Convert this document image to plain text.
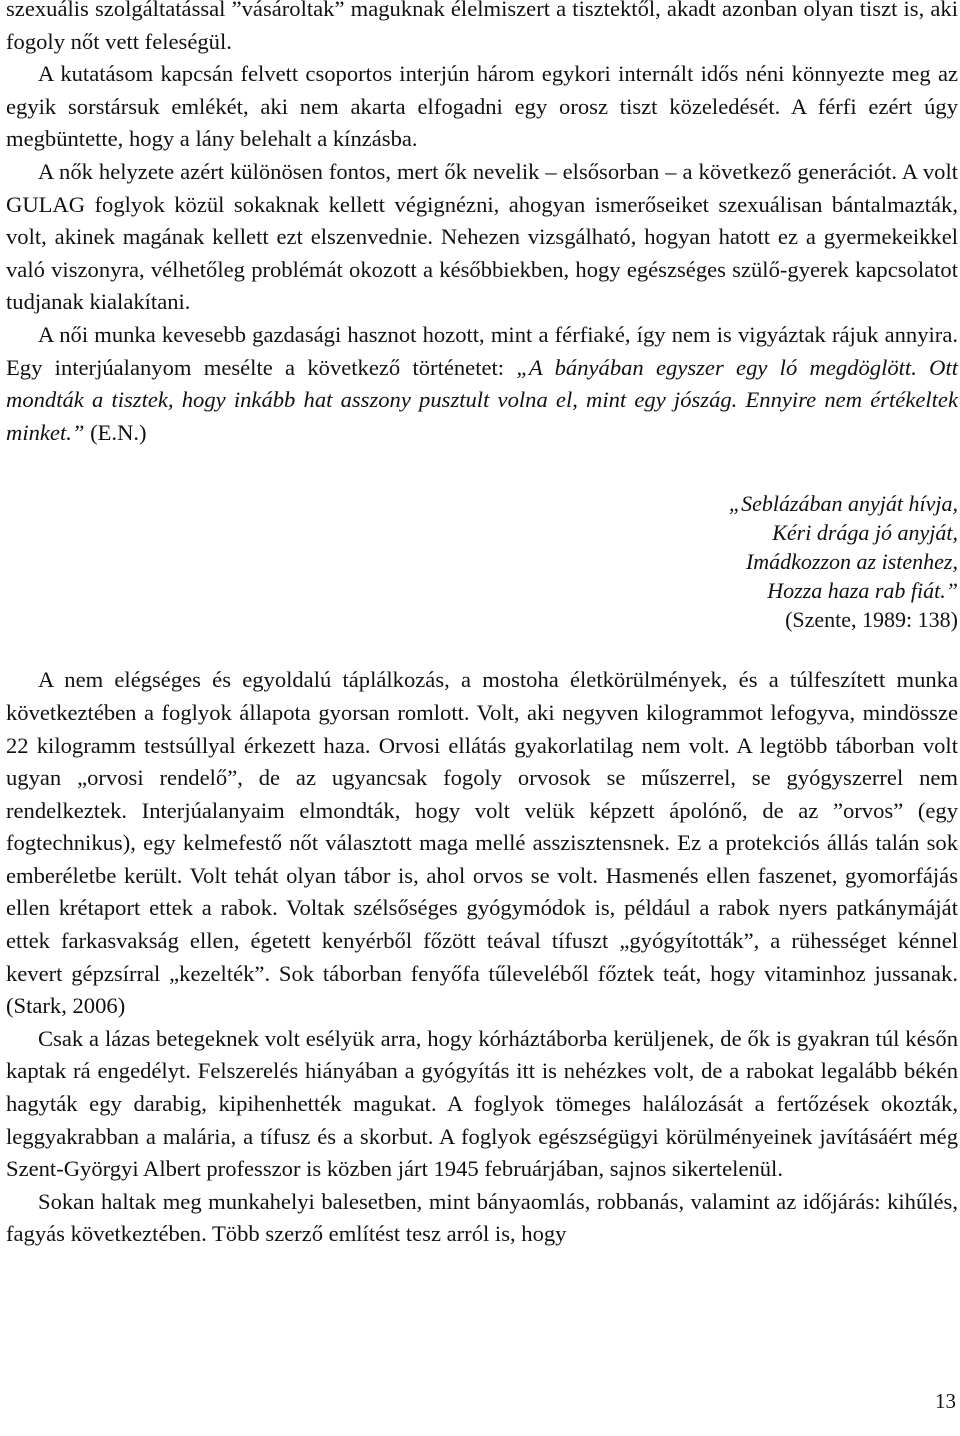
szexuális szolgáltatással ”vásároltak” maguknak élelmiszert a tisztektől, akadt azonban olyan tiszt is, aki fogoly nőt vett feleségül.

A kutatásom kapcsán felvett csoportos interjún három egykori internált idős néni könnyezte meg az egyik sorstársuk emlékét, aki nem akarta elfogadni egy orosz tiszt közeledését. A férfi ezért úgy megbüntette, hogy a lány belehalt a kínzásba.

A nők helyzete azért különösen fontos, mert ők nevelik – elsősorban – a következő generációt. A volt GULAG foglyok közül sokaknak kellett végignézni, ahogyan ismerőseiket szexuálisan bántalmazták, volt, akinek magának kellett ezt elszenvednie. Nehezen vizsgálható, hogyan hatott ez a gyermekeikkel való viszonyra, vélhetőleg problémát okozott a későbbiekben, hogy egészséges szülő-gyerek kapcsolatot tudjanak kialakítani.

A női munka kevesebb gazdasági hasznot hozott, mint a férfiaké, így nem is vigyáztak rájuk annyira. Egy interjúalanyom mesélte a következő történetet: „A bányában egyszer egy ló megdöglött. Ott mondták a tisztek, hogy inkább hat asszony pusztult volna el, mint egy jószág. Ennyire nem értékeltek minket.” (E.N.)

„Seblázában anyját hívja,
Kéri drága jó anyját,
Imádkozzon az istenhez,
Hozza haza rab fiát.”
(Szente, 1989: 138)

A nem elégséges és egyoldalú táplálkozás, a mostoha életkörülmények, és a túlfeszített munka következtében a foglyok állapota gyorsan romlott. Volt, aki negyven kilogrammot lefogyva, mindössze 22 kilogramm testsúllyal érkezett haza. Orvosi ellátás gyakorlatilag nem volt. A legtöbb táborban volt ugyan „orvosi rendelő”, de az ugyancsak fogoly orvosok se műszerrel, se gyógyszerrel nem rendelkeztek. Interjúalanyaim elmondták, hogy volt velük képzett ápolónő, de az ”orvos” (egy fogtechnikus), egy kelmefestő nőt választott maga mellé asszisztensnek. Ez a protekciós állás talán sok emberéletbe került. Volt tehát olyan tábor is, ahol orvos se volt. Hasmenés ellen faszenet, gyomorfájás ellen krétaport ettek a rabok. Voltak szélsőséges gyógymódok is, például a rabok nyers patkánymáját ettek farkasvakság ellen, égetett kenyérből főzött teával tífuszt „gyógyították”, a rühességet kénnel kevert gépzsírral „kezelték”. Sok táborban fenyőfa tűleveléből főztek teát, hogy vitaminhoz jussanak. (Stark, 2006)

Csak a lázas betegeknek volt esélyük arra, hogy kórháztáborba kerüljenek, de ők is gyakran túl későn kaptak rá engedélyt. Felszerelés hiányában a gyógyítás itt is nehézkes volt, de a rabokat legalább békén hagyták egy darabig, kipihenhették magukat. A foglyok tömeges halálozását a fertőzések okozták, leggyakrabban a malária, a tífusz és a skorbut. A foglyok egészségügyi körülményeinek javításáért még Szent-Györgyi Albert professzor is közben járt 1945 februárjában, sajnos sikertelenül.

Sokan haltak meg munkahelyi balesetben, mint bányaomlás, robbanás, valamint az időjárás: kihűlés, fagyás következtében. Több szerző említést tesz arról is, hogy

13
